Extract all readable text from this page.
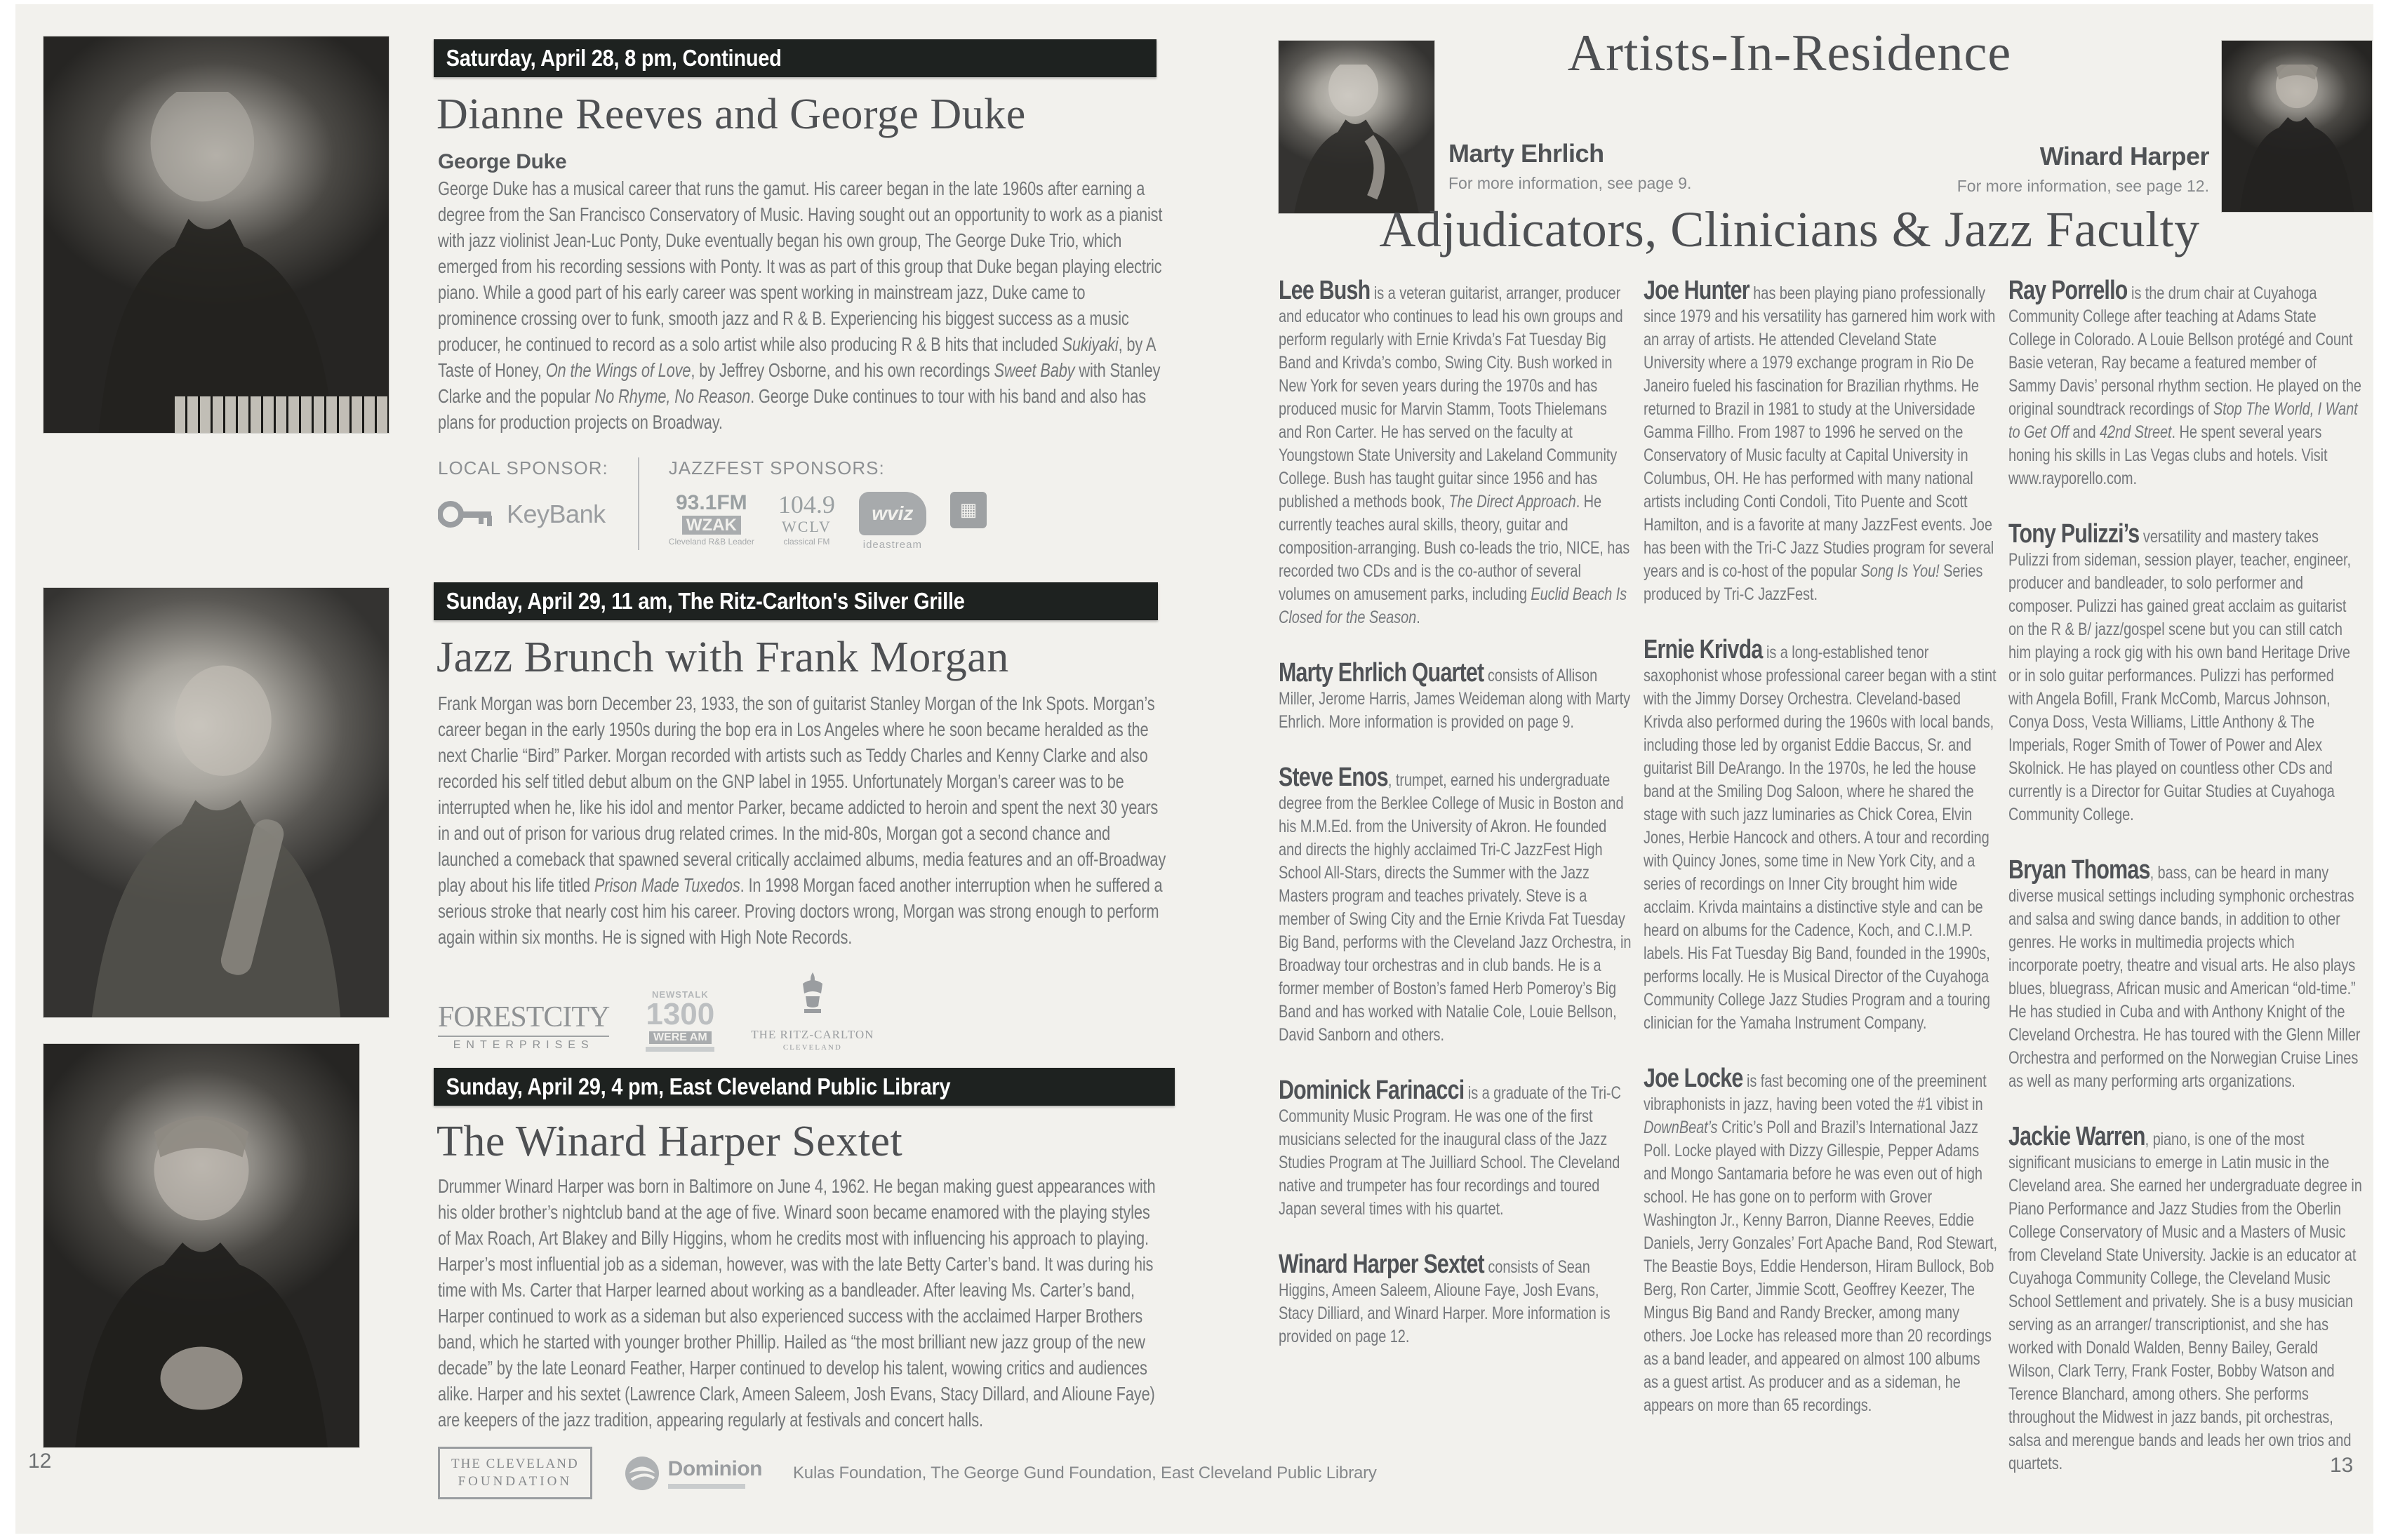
Saturday, April 28, 8 pm, Continued
Dianne Reeves and George Duke
George Duke

George Duke has a musical career that runs the gamut. His career began in the late 1960s after earning a degree from the San Francisco Conservatory of Music. Having sought out an opportunity to work as a pianist with jazz violinist Jean-Luc Ponty, Duke eventually began his own group, The George Duke Trio, which emerged from his recording sessions with Ponty. It was as part of this group that Duke began playing electric piano. While a good part of his early career was spent working in mainstream jazz, Duke came to prominence crossing over to funk, smooth jazz and R & B. Experiencing his biggest success as a music producer, he continued to record as a solo artist while also producing R & B hits that included Sukiyaki, by A Taste of Honey, On the Wings of Love, by Jeffrey Osborne, and his own recordings Sweet Baby with Stanley Clarke and the popular No Rhyme, No Reason. George Duke continues to tour with his band and also has plans for production projects on Broadway.

LOCAL SPONSOR:
KeyBank
JAZZFEST SPONSORS:
93.1FM
WZAK
Cleveland R&B Leader
104.9
WCLV
classical FM
wviz
ideastream
▦
Sunday, April 29, 11 am, The Ritz-Carlton's Silver Grille
Jazz Brunch with Frank Morgan

Frank Morgan was born December 23, 1933, the son of guitarist Stanley Morgan of the Ink Spots. Morgan’s career began in the early 1950s during the bop era in Los Angeles where he soon became heralded as the next Charlie “Bird” Parker. Morgan recorded with artists such as Teddy Charles and Kenny Clarke and also recorded his self titled debut album on the GNP label in 1955. Unfortunately Morgan’s career was to be interrupted when he, like his idol and mentor Parker, became addicted to heroin and spent the next 30 years in and out of prison for various drug related crimes. In the mid-80s, Morgan got a second chance and launched a comeback that spawned several critically acclaimed albums, media features and an off-Broadway play about his life titled Prison Made Tuxedos. In 1998 Morgan faced another interruption when he suffered a serious stroke that nearly cost him his career. Proving doctors wrong, Morgan was strong enough to perform again within six months. He is signed with High Note Records.

FORESTCITY
ENTERPRISES
NEWSTALK
1300
WERE AM	THE RITZ-CARLTON
CLEVELAND
Sunday, April 29, 4 pm, East Cleveland Public Library
The Winard Harper Sextet

Drummer Winard Harper was born in Baltimore on June 4, 1962. He began making guest appearances with his older brother’s nightclub band at the age of five. Winard soon became enamored with the playing styles of Max Roach, Art Blakey and Billy Higgins, whom he credits most with influencing his approach to playing. Harper’s most influential job as a sideman, however, was with the late Betty Carter’s band. It was during his time with Ms. Carter that Harper learned about working as a bandleader. After leaving Ms. Carter’s band, Harper continued to work as a sideman but also experienced success with the acclaimed Harper Brothers band, which he started with younger brother Phillip. Hailed as “the most brilliant new jazz group of the new decade” by the late Leonard Feather, Harper continued to develop his talent, wowing critics and audiences alike. Harper and his sextet (Lawrence Clark, Ameen Saleem, Josh Evans, Stacy Dillard, and Alioune Faye) are keepers of the jazz tradition, appearing regularly at festivals and concert halls.

THE CLEVELAND
FOUNDATION
Dominion Kulas Foundation, The George Gund Foundation, East Cleveland Public Library
12
Artists-In-Residence
Marty Ehrlich
For more information, see page 9.
Winard Harper
For more information, see page 12.
Adjudicators, Clinicians & Jazz Faculty

Lee Bush is a veteran guitarist, arranger, producer and educator who continues to lead his own groups and perform regularly with Ernie Krivda’s Fat Tuesday Big Band and Krivda’s combo, Swing City. Bush worked in New York for seven years during the 1970s and has produced music for Marvin Stamm, Toots Thielemans and Ron Carter. He has served on the faculty at Youngstown State University and Lakeland Community College. Bush has taught guitar since 1956 and has published a methods book, The Direct Approach. He currently teaches aural skills, theory, guitar and composition-arranging. Bush co-leads the trio, NICE, has recorded two CDs and is the co-author of several volumes on amusement parks, including Euclid Beach Is Closed for the Season.

Marty Ehrlich Quartet consists of Allison Miller, Jerome Harris, James Weideman along with Marty Ehrlich. More information is provided on page 9.

Steve Enos, trumpet, earned his undergraduate degree from the Berklee College of Music in Boston and his M.M.Ed. from the University of Akron. He founded and directs the highly acclaimed Tri-C JazzFest High School All-Stars, directs the Summer with the Jazz Masters program and teaches privately. Steve is a member of Swing City and the Ernie Krivda Fat Tuesday Big Band, performs with the Cleveland Jazz Orchestra, in Broadway tour orchestras and in club bands. He is a former member of Boston’s famed Herb Pomeroy’s Big Band and has worked with Natalie Cole, Louie Bellson, David Sanborn and others.

Dominick Farinacci is a graduate of the Tri-C Community Music Program. He was one of the first musicians selected for the inaugural class of the Jazz Studies Program at The Juilliard School. The Cleveland native and trumpeter has four recordings and toured Japan several times with his quartet.

Winard Harper Sextet consists of Sean Higgins, Ameen Saleem, Alioune Faye, Josh Evans, Stacy Dilliard, and Winard Harper. More information is provided on page 12.

Joe Hunter has been playing piano professionally since 1979 and his versatility has garnered him work with an array of artists. He attended Cleveland State University where a 1979 exchange program in Rio De Janeiro fueled his fascination for Brazilian rhythms. He returned to Brazil in 1981 to study at the Universidade Gamma Fillho. From 1987 to 1996 he served on the Conservatory of Music faculty at Capital University in Columbus, OH. He has performed with many national artists including Conti Condoli, Tito Puente and Scott Hamilton, and is a favorite at many JazzFest events. Joe has been with the Tri-C Jazz Studies program for several years and is co-host of the popular Song Is You! Series produced by Tri-C JazzFest.

Ernie Krivda is a long-established tenor saxophonist whose professional career began with a stint with the Jimmy Dorsey Orchestra. Cleveland-based Krivda also performed during the 1960s with local bands, including those led by organist Eddie Baccus, Sr. and guitarist Bill DeArango. In the 1970s, he led the house band at the Smiling Dog Saloon, where he shared the stage with such jazz luminaries as Chick Corea, Elvin Jones, Herbie Hancock and others. A tour and recording with Quincy Jones, some time in New York City, and a series of recordings on Inner City brought him wide acclaim. Krivda maintains a distinctive style and can be heard on albums for the Cadence, Koch, and C.I.M.P. labels. His Fat Tuesday Big Band, founded in the 1990s, performs locally. He is Musical Director of the Cuyahoga Community College Jazz Studies Program and a touring clinician for the Yamaha Instrument Company.

Joe Locke is fast becoming one of the preeminent vibraphonists in jazz, having been voted the #1 vibist in DownBeat’s Critic’s Poll and Brazil’s International Jazz Poll. Locke played with Dizzy Gillespie, Pepper Adams and Mongo Santamaria before he was even out of high school. He has gone on to perform with Grover Washington Jr., Kenny Barron, Dianne Reeves, Eddie Daniels, Jerry Gonzales’ Fort Apache Band, Rod Stewart, The Beastie Boys, Eddie Henderson, Hiram Bullock, Bob Berg, Ron Carter, Jimmie Scott, Geoffrey Keezer, The Mingus Big Band and Randy Brecker, among many others. Joe Locke has released more than 20 recordings as a band leader, and appeared on almost 100 albums as a guest artist. As producer and as a sideman, he appears on more than 65 recordings.

Ray Porrello is the drum chair at Cuyahoga Community College after teaching at Adams State College in Colorado. A Louie Bellson protégé and Count Basie veteran, Ray became a featured member of Sammy Davis’ personal rhythm section. He played on the original soundtrack recordings of Stop The World, I Want to Get Off and 42nd Street. He spent several years honing his skills in Las Vegas clubs and hotels. Visit www.rayporello.com.

Tony Pulizzi’s versatility and mastery takes Pulizzi from sideman, session player, teacher, engineer, producer and bandleader, to solo performer and composer. Pulizzi has gained great acclaim as guitarist on the R & B/ jazz/gospel scene but you can still catch him playing a rock gig with his own band Heritage Drive or in solo guitar performances. Pulizzi has performed with Angela Bofill, Frank McComb, Marcus Johnson, Conya Doss, Vesta Williams, Little Anthony & The Imperials, Roger Smith of Tower of Power and Alex Skolnick. He has played on countless other CDs and currently is a Director for Guitar Studies at Cuyahoga Community College.

Bryan Thomas, bass, can be heard in many diverse musical settings including symphonic orchestras and salsa and swing dance bands, in addition to other genres. He works in multimedia projects which incorporate poetry, theatre and visual arts. He also plays blues, bluegrass, African music and American “old-time.” He has studied in Cuba and with Anthony Knight of the Cleveland Orchestra. He has toured with the Glenn Miller Orchestra and performed on the Norwegian Cruise Lines as well as many performing arts organizations.

Jackie Warren, piano, is one of the most significant musicians to emerge in Latin music in the Cleveland area. She earned her undergraduate degree in Piano Performance and Jazz Studies from the Oberlin College Conservatory of Music and a Masters of Music from Cleveland State University. Jackie is an educator at Cuyahoga Community College, the Cleveland Music School Settlement and privately. She is a busy musician serving as an arranger/ transcriptionist, and she has worked with Donald Walden, Benny Bailey, Gerald Wilson, Clark Terry, Frank Foster, Bobby Watson and Terence Blanchard, among others. She performs throughout the Midwest in jazz bands, pit orchestras, salsa and merengue bands and leads her own trios and quartets.	13
